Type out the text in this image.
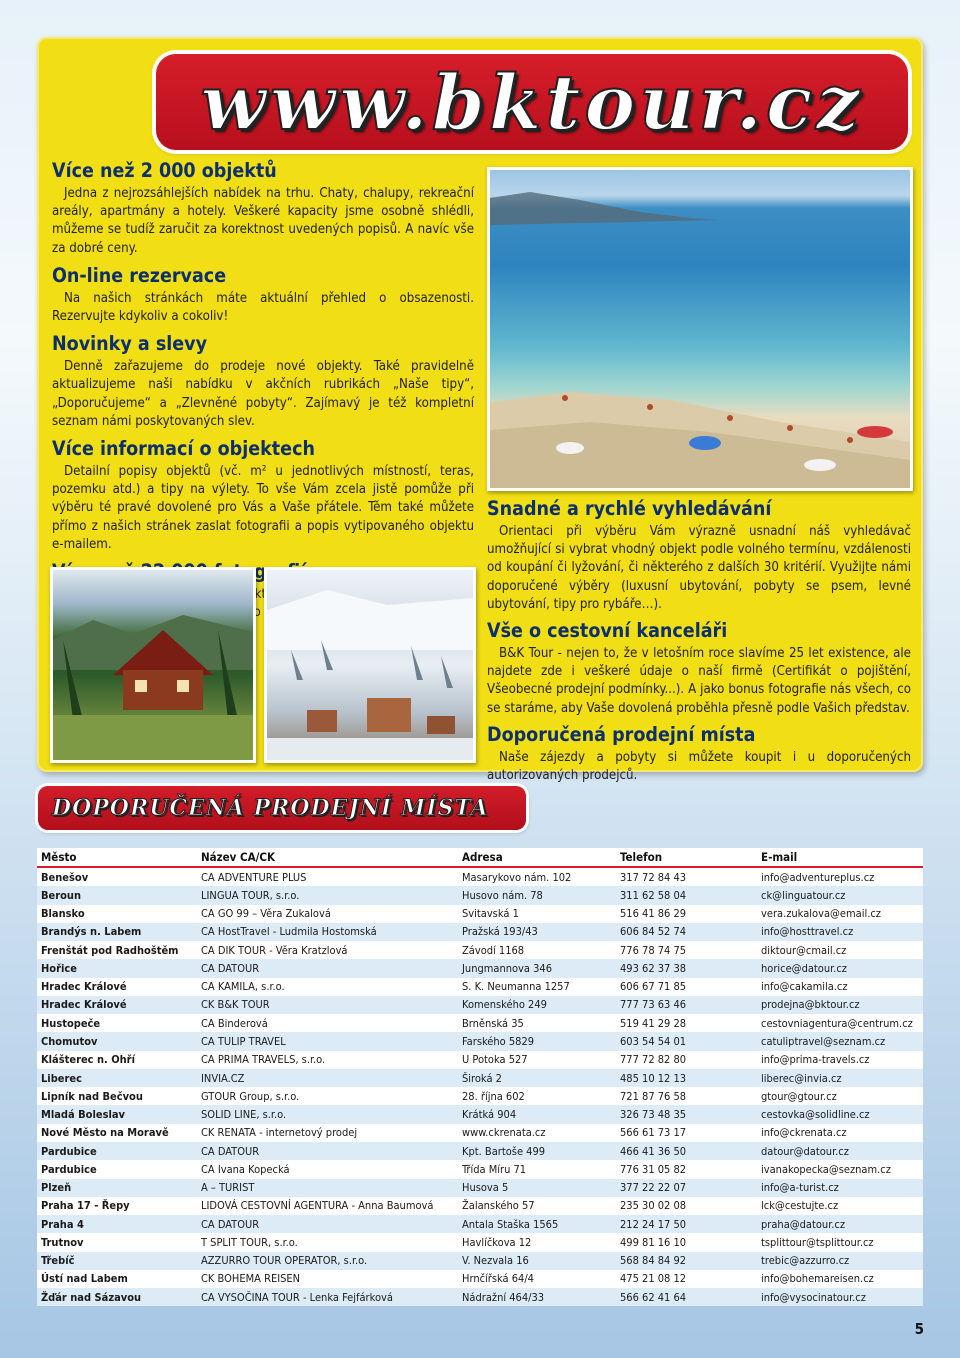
www.bktour.cz

Více než 2 000 objektů

Jedna z nejrozsáhlejších nabídek na trhu. Chaty, chalupy, rekreační areály, apartmány a hotely. Veškeré kapacity jsme osobně shlédli, můžeme se tudíž zaručit za korektnost uvedených popisů. A navíc vše za dobré ceny.

On-line rezervace

Na našich stránkách máte aktuální přehled o obsazenosti. Rezervujte kdykoliv a cokoliv!

Novinky a slevy

Denně zařazujeme do prodeje nové objekty. Také pravidelně aktualizujeme naši nabídku v akčních rubrikách „Naše tipy“, „Doporučujeme“ a „Zlevněné pobyty“. Zajímavý je též kompletní seznam námi poskytovaných slev.

Více informací o objektech

Detailní popisy objektů (vč. m² u jednotlivých místností, teras, pozemku atd.) a tipy na výlety. To vše Vám zcela jistě pomůže při výběru té pravé dovolené pro Vás a Vaše přátele. Těm také můžete přímo z našich stránek zaslat fotografii a popis vytipovaného objektu e-mailem.

fotografií

o

Snadné a rychlé vyhledávání

Orientaci při výběru Vám výrazně usnadní náš vyhledávač umožňující si vybrat vhodný objekt podle volného termínu, vzdálenosti od koupání či lyžování, či některého z dalších 30 kritérií. Využijte námi doporučené výběry (luxusní ubytování, pobyty se psem, levné ubytování, tipy pro rybáře…).

Vše o cestovní kanceláři

B&K Tour - nejen to, že v letošním roce slavíme 25 let existence, ale najdete zde i veškeré údaje o naší firmě (Certifikát o pojištění, Všeobecné prodejní podmínky...). A jako bonus fotografie nás všech, co se staráme, aby Vaše dovolená proběhla přesně podle Vašich představ.

Doporučená prodejní místa

Naše zájezdy a pobyty si můžete koupit i u doporučených autorizovaných prodejců.

DOPORUČENÁ PRODEJNÍ MÍSTA
Město	Název CA/CK	Adresa	Telefon	E-mail
Benešov	CA ADVENTURE PLUS	Masarykovo nám. 102	317 72 84 43	info@adventureplus.cz
Beroun	LINGUA TOUR, s.r.o.	Husovo nám. 78	311 62 58 04	ck@linguatour.cz
Blansko	CA GO 99 – Věra Zukalová	Svitavská 1	516 41 86 29	vera.zukalova@email.cz
Brandýs n. Labem	CA HostTravel - Ludmila Hostomská	Pražská 193/43	606 84 52 74	info@hosttravel.cz
Frenštát pod Radhoštěm	CA DIK TOUR - Věra Kratzlová	Závodí 1168	776 78 74 75	diktour@cmail.cz
Hořice	CA DATOUR	Jungmannova 346	493 62 37 38	horice@datour.cz
Hradec Králové	CA KAMILA, s.r.o.	S. K. Neumanna 1257	606 67 71 85	info@cakamila.cz
Hradec Králové	CK B&K TOUR	Komenského 249	777 73 63 46	prodejna@bktour.cz
Hustopeče	CA Binderová	Brněnská 35	519 41 29 28	cestovniagentura@centrum.cz
Chomutov	CA TULIP TRAVEL	Farského 5829	603 54 54 01	catuliptravel@seznam.cz
Klášterec n. Ohří	CA PRIMA TRAVELS, s.r.o.	U Potoka 527	777 72 82 80	info@prima-travels.cz
Liberec	INVIA.CZ	Široká 2	485 10 12 13	liberec@invia.cz
Lipník nad Bečvou	GTOUR Group, s.r.o.	28. října 602	721 87 76 58	gtour@gtour.cz
Mladá Boleslav	SOLID LINE, s.r.o.	Krátká 904	326 73 48 35	cestovka@solidline.cz
Nové Město na Moravě	CK RENATA - internetový prodej	www.ckrenata.cz	566 61 73 17	info@ckrenata.cz
Pardubice	CA DATOUR	Kpt. Bartoše 499	466 41 36 50	datour@datour.cz
Pardubice	CA Ivana Kopecká	Třída Míru 71	776 31 05 82	ivanakopecka@seznam.cz
Plzeň	A – TURIST	Husova 5	377 22 22 07	info@a-turist.cz
Praha 17 - Řepy	LIDOVÁ CESTOVNÍ AGENTURA - Anna Baumová	Žalanského 57	235 30 02 08	lck@cestujte.cz
Praha 4	CA DATOUR	Antala Staška 1565	212 24 17 50	praha@datour.cz
Trutnov	T SPLIT TOUR, s.r.o.	Havlíčkova 12	499 81 16 10	tsplittour@tsplittour.cz
Třebíč	AZZURRO TOUR OPERATOR, s.r.o.	V. Nezvala 16	568 84 84 92	trebic@azzurro.cz
Ústí nad Labem	CK BOHEMA REISEN	Hrnčířská 64/4	475 21 08 12	info@bohemareisen.cz
Žďár nad Sázavou	CA VYSOČINA TOUR - Lenka Fejfárková	Nádražní 464/33	566 62 41 64	info@vysocinatour.cz
5
